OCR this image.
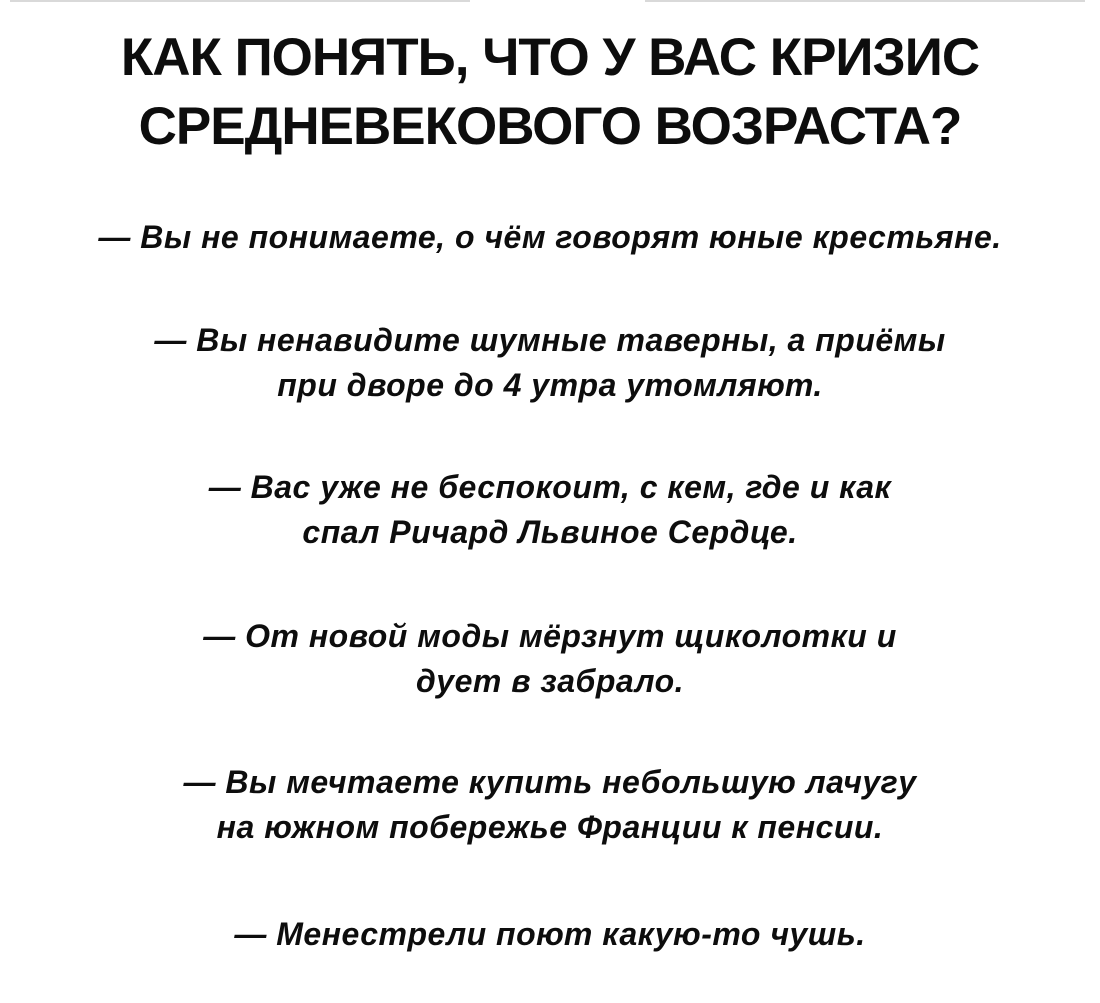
КАК ПОНЯТЬ, ЧТО У ВАС КРИЗИС
СРЕДНЕВЕКОВОГО ВОЗРАСТА?
— Вы не понимаете, о чём говорят юные крестьяне.
— Вы ненавидите шумные таверны, а приёмы
при дворе до 4 утра утомляют.
— Вас уже не беспокоит, с кем, где и как
спал Ричард Львиное Сердце.
— От новой моды мёрзнут щиколотки и
дует в забрало.
— Вы мечтаете купить небольшую лачугу
на южном побережье Франции к пенсии.
— Менестрели поют какую-то чушь.
